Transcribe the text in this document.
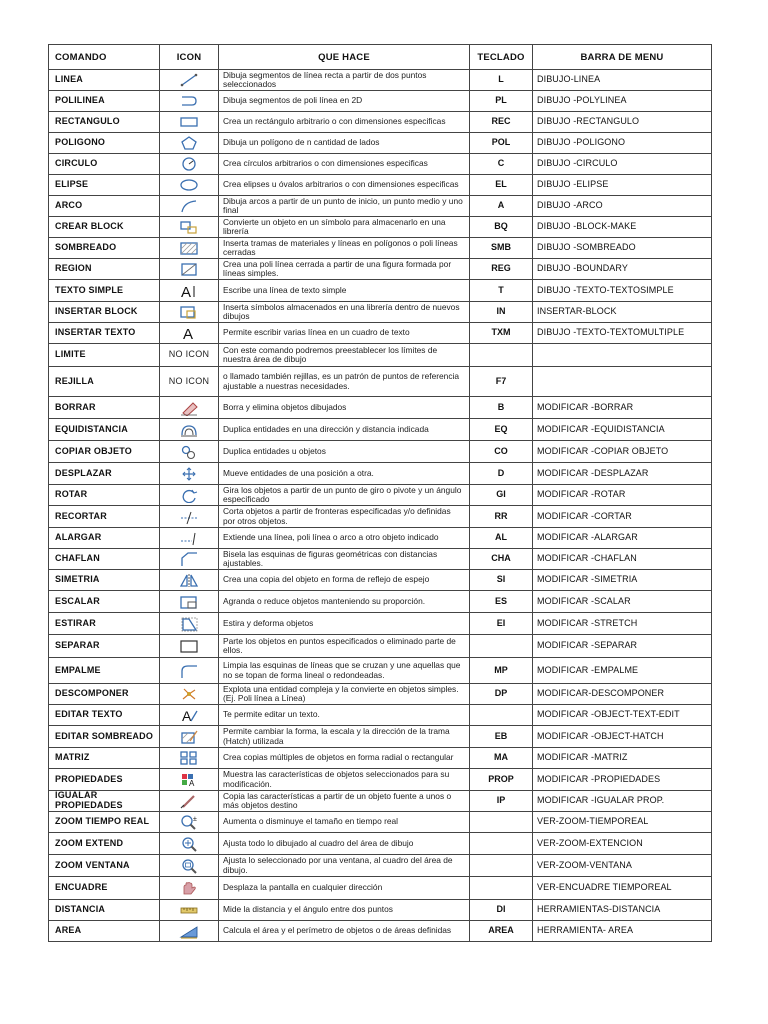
COMANDO	ICON	QUE HACE	TECLADO	BARRA DE MENU
LINEA		Dibuja segmentos de línea recta a partir de dos puntos seleccionados	L	DIBUJO-LINEA
POLILINEA		Dibuja segmentos de poli línea en 2D	PL	DIBUJO -POLYLINEA
RECTANGULO		Crea un rectángulo arbitrario o con dimensiones especificas	REC	DIBUJO -RECTANGULO
POLIGONO		Dibuja un polígono de n cantidad de lados	POL	DIBUJO -POLIGONO
CIRCULO		Crea círculos arbitrarios o con dimensiones especificas	C	DIBUJO -CIRCULO
ELIPSE		Crea elipses u óvalos arbitrarios o con dimensiones especificas	EL	DIBUJO -ELIPSE
ARCO		Dibuja arcos a partir de un punto de inicio, un punto medio y uno final	A	DIBUJO -ARCO
CREAR BLOCK		Convierte un objeto en un símbolo para almacenarlo en una librería	BQ	DIBUJO -BLOCK-MAKE
SOMBREADO		Inserta tramas de materiales y líneas en polígonos o poli líneas cerradas	SMB	DIBUJO -SOMBREADO
REGION		Crea una poli línea cerrada a partir de una figura formada por líneas simples.	REG	DIBUJO -BOUNDARY
TEXTO SIMPLE	A	Escribe una línea de texto simple	T	DIBUJO -TEXTO-TEXTOSIMPLE
INSERTAR BLOCK		Inserta símbolos almacenados en una librería dentro de nuevos dibujos	IN	INSERTAR-BLOCK
INSERTAR TEXTO	A	Permite escribir varias línea en un cuadro de texto	TXM	DIBUJO -TEXTO-TEXTOMULTIPLE
LIMITE	NO ICON	Con este comando podremos preestablecer los límites de nuestra área de dibujo		
REJILLA	NO ICON	o llamado también rejillas, es un patrón de puntos de referencia ajustable a nuestras necesidades.	F7	
BORRAR		Borra y elimina objetos dibujados	B	MODIFICAR -BORRAR
EQUIDISTANCIA		Duplica entidades en una dirección y distancia indicada	EQ	MODIFICAR -EQUIDISTANCIA
COPIAR OBJETO		Duplica entidades u objetos	CO	MODIFICAR -COPIAR OBJETO
DESPLAZAR		Mueve entidades de una posición a otra.	D	MODIFICAR -DESPLAZAR
ROTAR		Gira los objetos a partir de un punto de giro o pivote y un ángulo especificado	GI	MODIFICAR -ROTAR
RECORTAR		Corta objetos a partir de fronteras especificadas y/o definidas por otros objetos.	RR	MODIFICAR -CORTAR
ALARGAR		Extiende una línea, poli línea o arco a otro objeto indicado	AL	MODIFICAR -ALARGAR
CHAFLAN		Bisela las esquinas de figuras geométricas con distancias ajustables.	CHA	MODIFICAR -CHAFLAN
SIMETRIA		Crea una copia del objeto en forma de reflejo de espejo	SI	MODIFICAR -SIMETRIA
ESCALAR		Agranda o reduce objetos manteniendo su proporción.	ES	MODIFICAR -SCALAR
ESTIRAR		Estira y deforma objetos	EI	MODIFICAR -STRETCH
SEPARAR		Parte los objetos en puntos especificados o eliminado parte de ellos.		MODIFICAR -SEPARAR
EMPALME		Limpia las esquinas de líneas que se cruzan y une aquellas que no se topan de forma lineal o redondeadas.	MP	MODIFICAR -EMPALME
DESCOMPONER		Explota una entidad compleja y la convierte en objetos simples. (Ej. Poli línea a Línea)	DP	MODIFICAR-DESCOMPONER
EDITAR TEXTO	A	Te permite editar un texto.		MODIFICAR -OBJECT-TEXT-EDIT
EDITAR SOMBREADO		Permite cambiar la forma, la escala y la dirección de la trama (Hatch) utilizada	EB	MODIFICAR -OBJECT-HATCH
MATRIZ		Crea copias múltiples de objetos en forma radial o rectangular	MA	MODIFICAR -MATRIZ
PROPIEDADES	A	Muestra las características de objetos seleccionados para su modificación.	PROP	MODIFICAR -PROPIEDADES
IGUALAR PROPIEDADES		Copia las características a partir de un objeto fuente a unos o más objetos destino	IP	MODIFICAR -IGUALAR PROP.
ZOOM TIEMPO REAL	±	Aumenta o disminuye el tamaño en tiempo real		VER-ZOOM-TIEMPOREAL
ZOOM EXTEND		Ajusta todo lo dibujado al cuadro del área de dibujo		VER-ZOOM-EXTENCION
ZOOM VENTANA		Ajusta lo seleccionado por una ventana, al cuadro del área de dibujo.		VER-ZOOM-VENTANA
ENCUADRE		Desplaza la pantalla en cualquier dirección		VER-ENCUADRE TIEMPOREAL
DISTANCIA		Mide la distancia y el ángulo entre dos puntos	DI	HERRAMIENTAS-DISTANCIA
AREA		Calcula el área y el perímetro de objetos o de áreas definidas	AREA	HERRAMIENTA- AREA
